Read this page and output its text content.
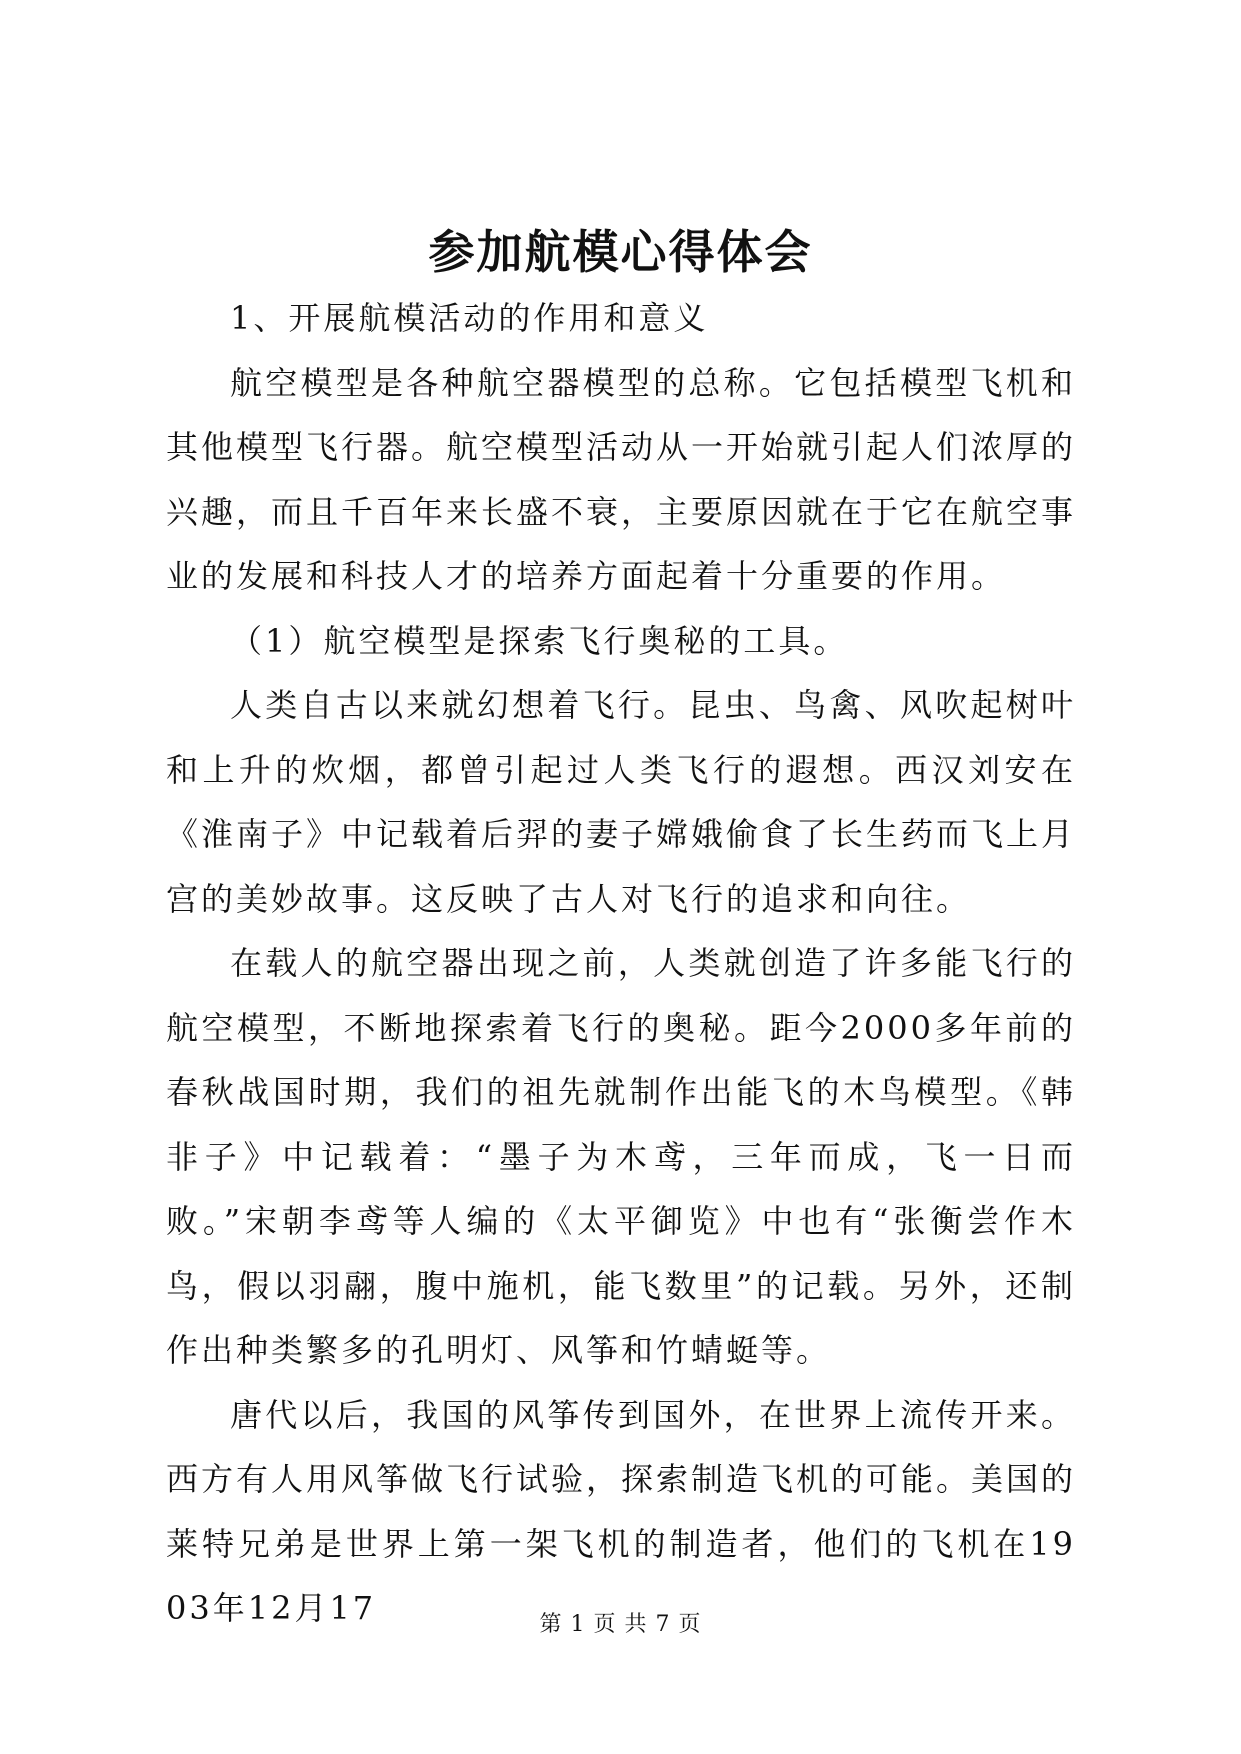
参加航模心得体会

1、开展航模活动的作用和意义

航空模型是各种航空器模型的总称。它包括模型飞机和其他模型飞行器。航空模型活动从一开始就引起人们浓厚的兴趣，而且千百年来长盛不衰，主要原因就在于它在航空事业的发展和科技人才的培养方面起着十分重要的作用。

（1）航空模型是探索飞行奥秘的工具。

人类自古以来就幻想着飞行。昆虫、鸟禽、风吹起树叶和上升的炊烟，都曾引起过人类飞行的遐想。西汉刘安在《淮南子》中记载着后羿的妻子嫦娥偷食了长生药而飞上月宫的美妙故事。这反映了古人对飞行的追求和向往。

在载人的航空器出现之前，人类就创造了许多能飞行的航空模型，不断地探索着飞行的奥秘。距今2000多年前的春秋战国时期，我们的祖先就制作出能飞的木鸟模型。《韩非子》中记载着：“墨子为木鸢，三年而成，飞一日而败。”宋朝李鸢等人编的《太平御览》中也有“张衡尝作木鸟，假以羽翮，腹中施机，能飞数里”的记载。另外，还制作出种类繁多的孔明灯、风筝和竹蜻蜓等。

唐代以后，我国的风筝传到国外，在世界上流传开来。西方有人用风筝做飞行试验，探索制造飞机的可能。美国的莱特兄弟是世界上第一架飞机的制造者，他们的飞机在1903年12月17	第 1 页 共 7 页
